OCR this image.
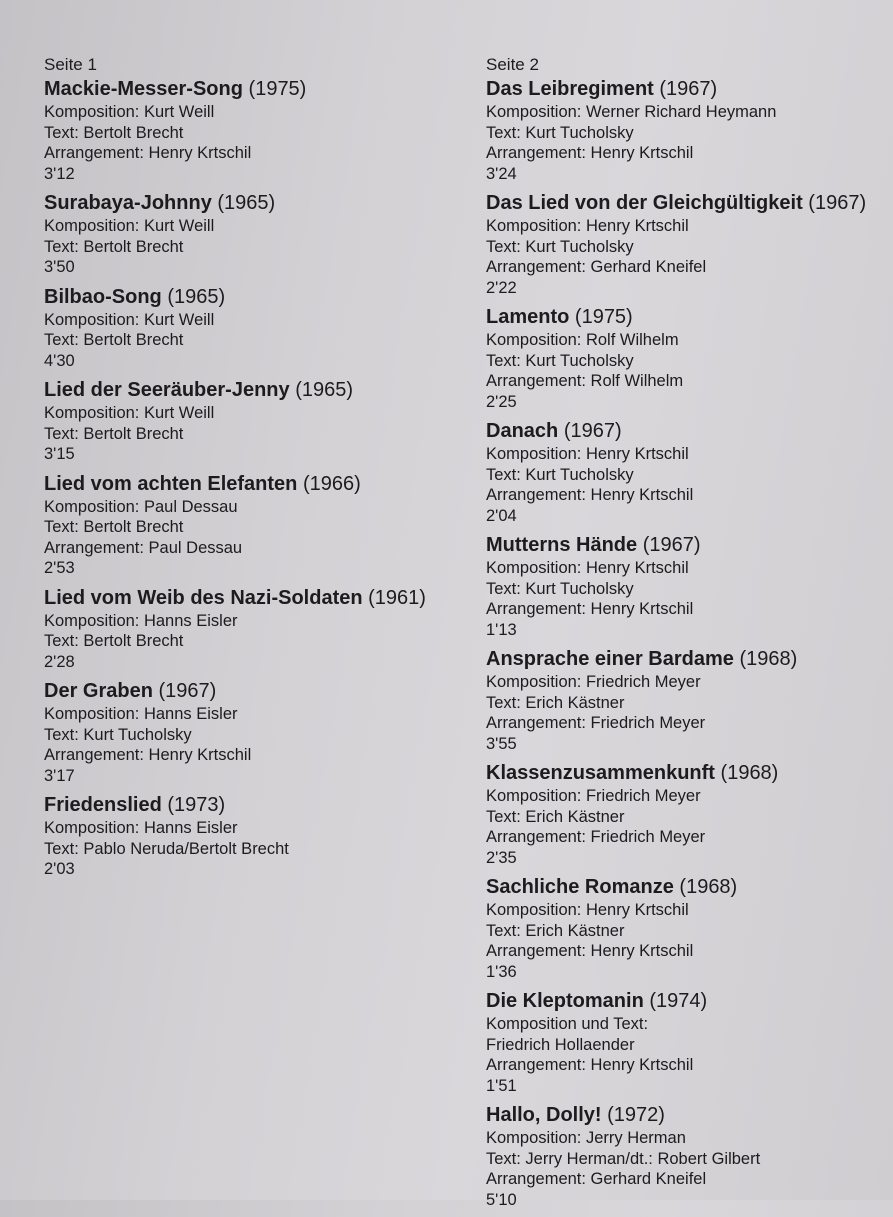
Seite 1
Mackie-Messer-Song (1975)
Komposition: Kurt Weill
Text: Bertolt Brecht
Arrangement: Henry Krtschil
3'12
Surabaya-Johnny (1965)
Komposition: Kurt Weill
Text: Bertolt Brecht
3'50
Bilbao-Song (1965)
Komposition: Kurt Weill
Text: Bertolt Brecht
4'30
Lied der Seeräuber-Jenny (1965)
Komposition: Kurt Weill
Text: Bertolt Brecht
3'15
Lied vom achten Elefanten (1966)
Komposition: Paul Dessau
Text: Bertolt Brecht
Arrangement: Paul Dessau
2'53
Lied vom Weib des Nazi-Soldaten (1961)
Komposition: Hanns Eisler
Text: Bertolt Brecht
2'28
Der Graben (1967)
Komposition: Hanns Eisler
Text: Kurt Tucholsky
Arrangement: Henry Krtschil
3'17
Friedenslied (1973)
Komposition: Hanns Eisler
Text: Pablo Neruda/Bertolt Brecht
2'03
Seite 2
Das Leibregiment (1967)
Komposition: Werner Richard Heymann
Text: Kurt Tucholsky
Arrangement: Henry Krtschil
3'24
Das Lied von der Gleichgültigkeit (1967)
Komposition: Henry Krtschil
Text: Kurt Tucholsky
Arrangement: Gerhard Kneifel
2'22
Lamento (1975)
Komposition: Rolf Wilhelm
Text: Kurt Tucholsky
Arrangement: Rolf Wilhelm
2'25
Danach (1967)
Komposition: Henry Krtschil
Text: Kurt Tucholsky
Arrangement: Henry Krtschil
2'04
Mutterns Hände (1967)
Komposition: Henry Krtschil
Text: Kurt Tucholsky
Arrangement: Henry Krtschil
1'13
Ansprache einer Bardame (1968)
Komposition: Friedrich Meyer
Text: Erich Kästner
Arrangement: Friedrich Meyer
3'55
Klassenzusammenkunft (1968)
Komposition: Friedrich Meyer
Text: Erich Kästner
Arrangement: Friedrich Meyer
2'35
Sachliche Romanze (1968)
Komposition: Henry Krtschil
Text: Erich Kästner
Arrangement: Henry Krtschil
1'36
Die Kleptomanin (1974)
Komposition und Text:
Friedrich Hollaender
Arrangement: Henry Krtschil
1'51
Hallo, Dolly! (1972)
Komposition: Jerry Herman
Text: Jerry Herman/dt.: Robert Gilbert
Arrangement: Gerhard Kneifel
5'10
